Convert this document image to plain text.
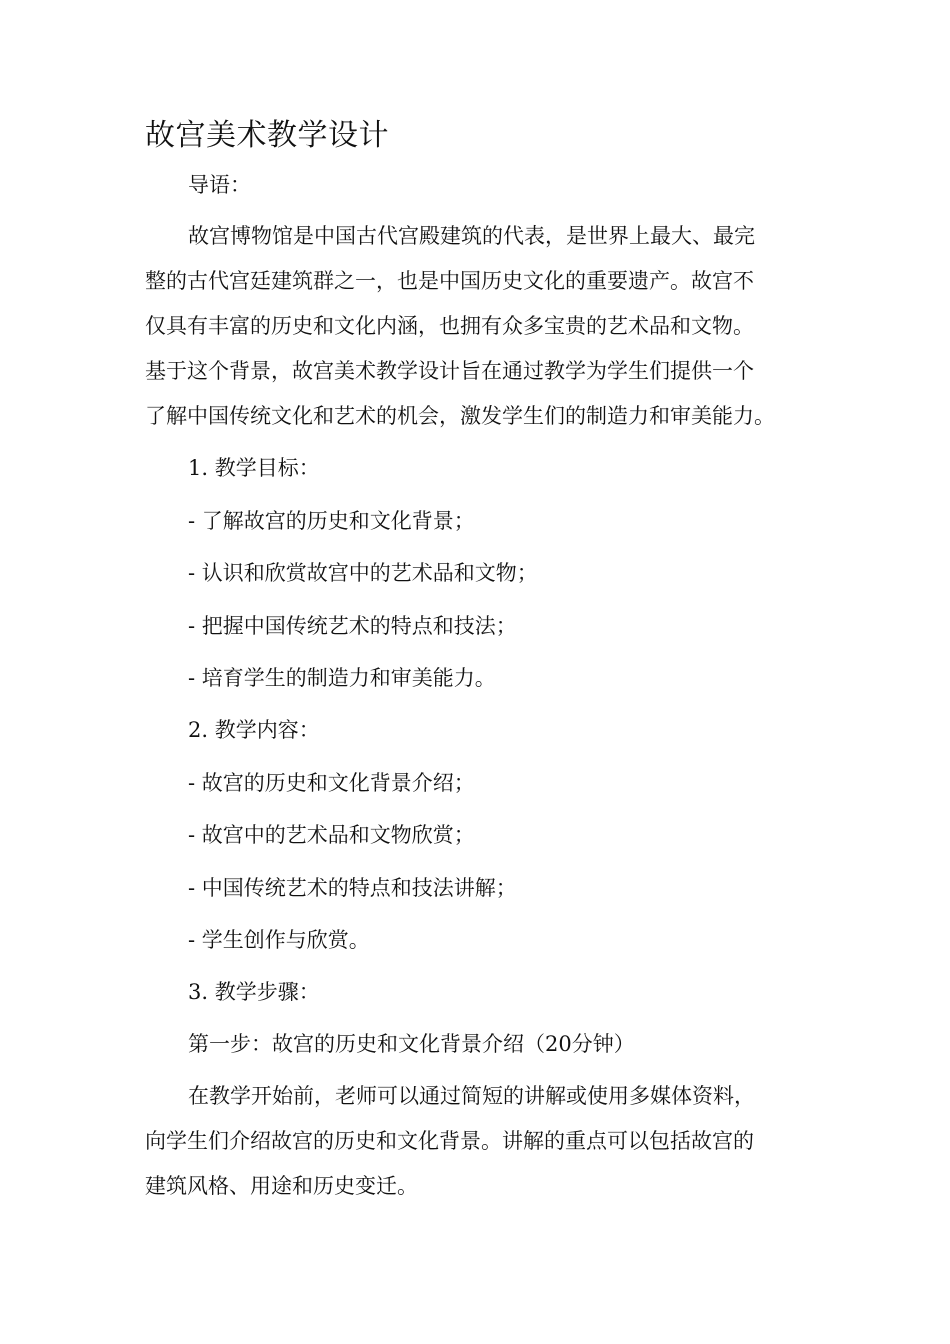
故宫美术教学设计

导语：

故宫博物馆是中国古代宫殿建筑的代表，是世界上最大、最完

整的古代宫廷建筑群之一，也是中国历史文化的重要遗产。故宫不

仅具有丰富的历史和文化内涵，也拥有众多宝贵的艺术品和文物。

基于这个背景，故宫美术教学设计旨在通过教学为学生们提供一个

了解中国传统文化和艺术的机会，激发学生们的制造力和审美能力。

1. 教学目标：

- 了解故宫的历史和文化背景；

- 认识和欣赏故宫中的艺术品和文物；

- 把握中国传统艺术的特点和技法；

- 培育学生的制造力和审美能力。

2. 教学内容：

- 故宫的历史和文化背景介绍；

- 故宫中的艺术品和文物欣赏；

- 中国传统艺术的特点和技法讲解；

- 学生创作与欣赏。

3. 教学步骤：

第一步：故宫的历史和文化背景介绍（20分钟）

在教学开始前，老师可以通过简短的讲解或使用多媒体资料，

向学生们介绍故宫的历史和文化背景。讲解的重点可以包括故宫的

建筑风格、用途和历史变迁。
